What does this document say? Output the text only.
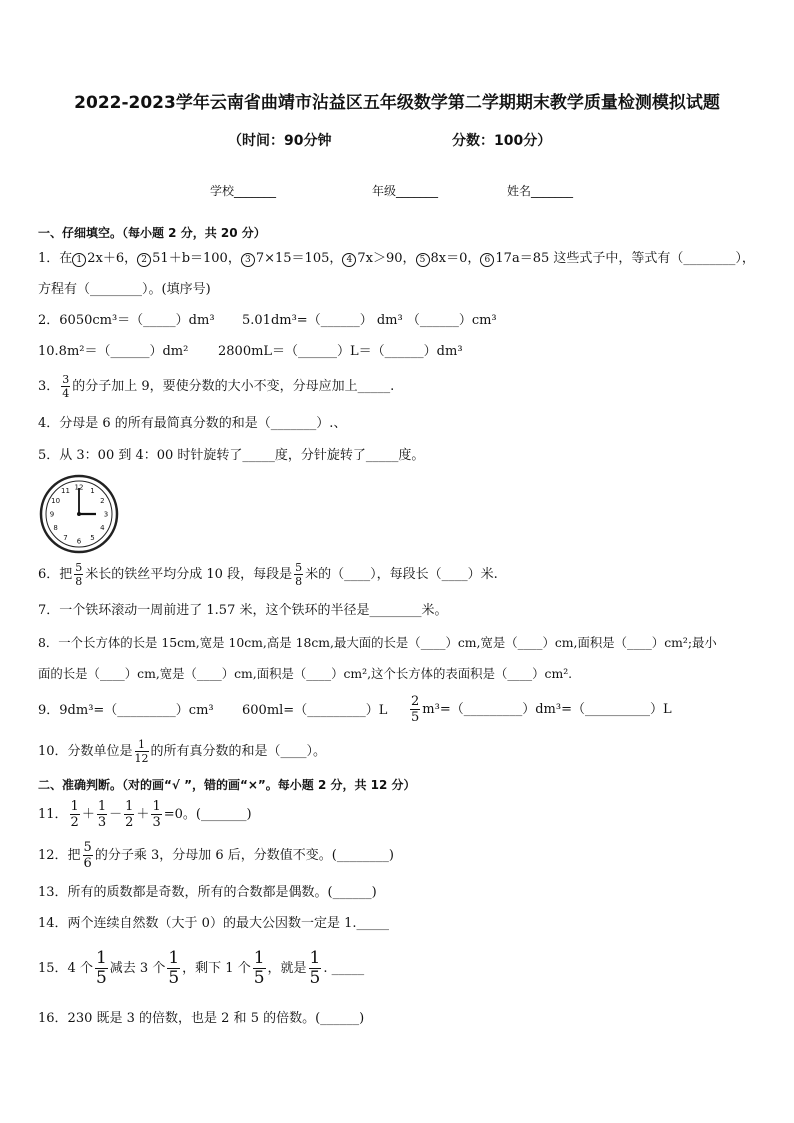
2022-2023学年云南省曲靖市沾益区五年级数学第二学期期末教学质量检测模拟试题
（时间：90分钟	分数：100分）
学校_______	年级_______	姓名_______
一、仔细填空。（每小题 2 分，共 20 分）
1．在 1 2x＋6， 2 51＋b＝100， 3 7×15＝105， 4 7x＞90， 5 8x＝0， 6 17a＝85 这些式子中，等式有（________），
方程有（________）。(填序号)
2．6050cm³＝（_____）dm³ 5.01dm³=（______） dm³ （______）cm³
10.8m²＝（______）dm² 2800mL＝（______）L＝（______）dm³
3． $\frac{3}{4}$ 的分子加上 9，要使分数的大小不变，分母应加上_____.
4．分母是 6 的所有最简真分数的和是（_______）.、
5．从 3：00 到 4：00 时针旋转了_____度，分针旋转了_____度。
12 1
2
3
4
5
6
7
8
9
10
11
6．把 $\frac{5}{8}$ 米长的铁丝平均分成 10 段，每段是 $\frac{5}{8}$ 米的（____），每段长（____）米.
7．一个铁环滚动一周前进了 1.57 米，这个铁环的半径是________米。
8．一个长方体的长是 15cm,宽是 10cm,高是 18cm,最大面的长是（____）cm,宽是（____）cm,面积是（____）cm²;最小
面的长是（____）cm,宽是（____）cm,面积是（____）cm²,这个长方体的表面积是（____）cm².
9．9dm³=（_________）cm³ 600ml=（_________）L $\frac{2}{5}$ m³=（_________）dm³=（__________）L
10．分数单位是 $\frac{1}{12}$ 的所有真分数的和是（____）。
二、准确判断。（对的画“√ ”，错的画“×”。每小题 2 分，共 12 分）
11． $\frac{1}{2} + \frac{1}{3} - \frac{1}{2} + \frac{1}{3} =0$。(_______)
12．把 $\frac{5}{6}$ 的分子乘 3，分母加 6 后，分数值不变。(________)
13．所有的质数都是奇数，所有的合数都是偶数。(______)
14．两个连续自然数（大于 0）的最大公因数一定是 1._____
15．4 个 $\frac{1}{5}$ 减去 3 个 $\frac{1}{5}$ ，剩下 1 个 $\frac{1}{5}$ ，就是 $\frac{1}{5}$ . _____
16．230 既是 3 的倍数，也是 2 和 5 的倍数。(______)
